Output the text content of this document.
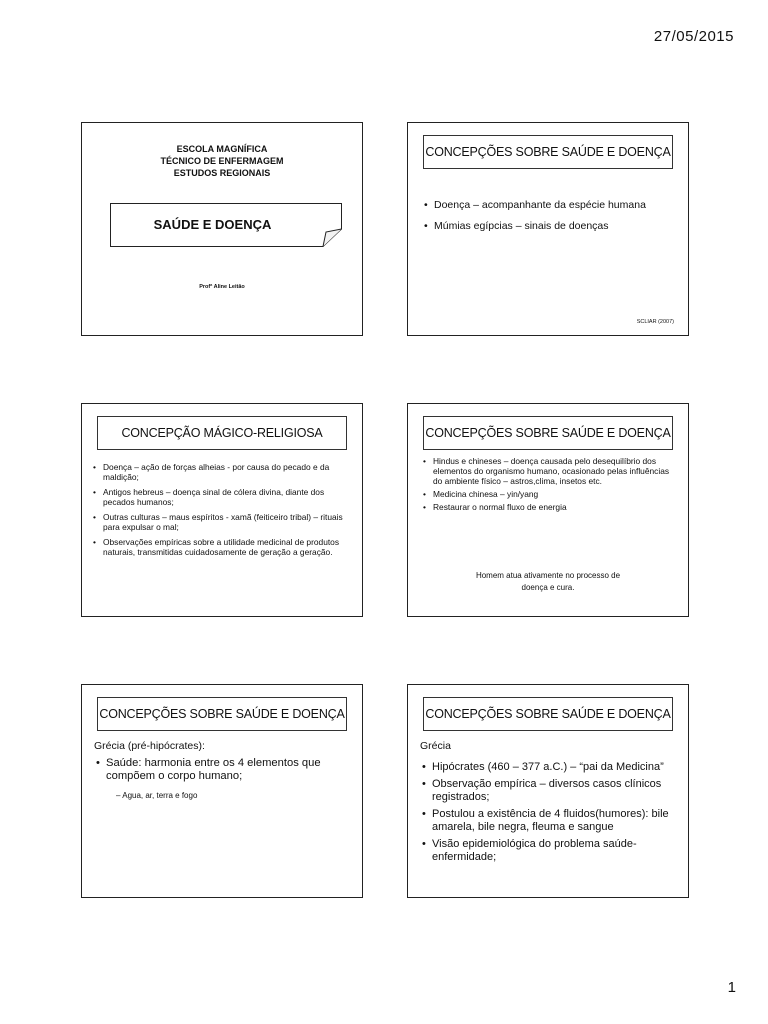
27/05/2015
ESCOLA MAGNÍFICA
TÉCNICO DE ENFERMAGEM
ESTUDOS REGIONAIS
SAÚDE E DOENÇA
Profª Aline Leitão
CONCEPÇÕES SOBRE SAÚDE E DOENÇA
• Doença – acompanhante da espécie humana
• Múmias egípcias – sinais de doenças
SCLIAR (2007)
CONCEPÇÃO MÁGICO-RELIGIOSA
• Doença – ação de forças alheias - por causa do pecado e da maldição;
• Antigos hebreus – doença sinal de cólera divina, diante dos pecados humanos;
• Outras culturas – maus espíritos - xamã (feiticeiro tribal) – rituais para expulsar o mal;
• Observações empíricas sobre a utilidade medicinal de produtos naturais, transmitidas cuidadosamente de geração a geração.
CONCEPÇÕES SOBRE SAÚDE E DOENÇA
• Hindus e chineses – doença causada pelo desequilíbrio dos elementos do organismo humano, ocasionado pelas influências do ambiente físico – astros,clima, insetos etc.
• Medicina chinesa – yin/yang
• Restaurar o normal fluxo de energia
Homem atua ativamente no processo de
doença e cura.
CONCEPÇÕES SOBRE SAÚDE E DOENÇA
Grécia (pré-hipócrates):
• Saúde: harmonia entre os 4 elementos que compõem o corpo humano;
– Agua, ar, terra e fogo
CONCEPÇÕES SOBRE SAÚDE E DOENÇA
Grécia
• Hipócrates (460 – 377 a.C.) – “pai da Medicina”
• Observação empírica – diversos casos clínicos registrados;
• Postulou a existência de 4 fluidos(humores): bile amarela, bile negra, fleuma e sangue
• Visão epidemiológica do problema saúde-enfermidade;
1
